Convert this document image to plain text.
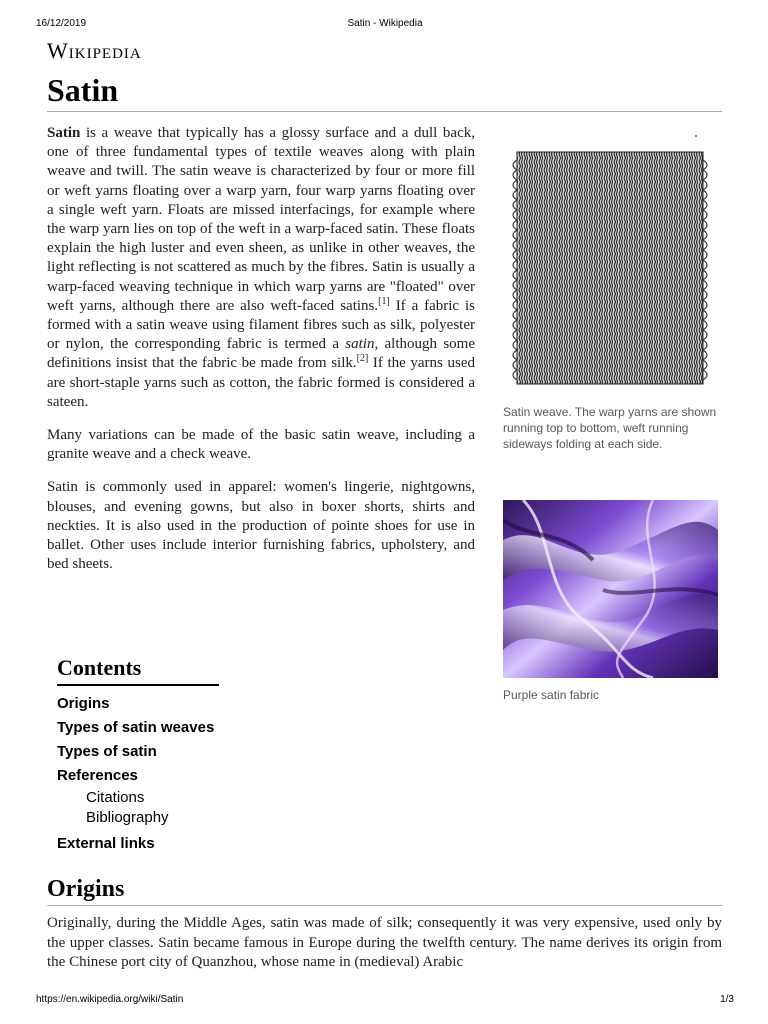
16/12/2019	Satin - Wikipedia
Wikipedia
Satin

Satin is a weave that typically has a glossy surface and a dull back, one of three fundamental types of textile weaves along with plain weave and twill. The satin weave is characterized by four or more fill or weft yarns floating over a warp yarn, four warp yarns floating over a single weft yarn. Floats are missed interfacings, for example where the warp yarn lies on top of the weft in a warp-faced satin. These floats explain the high luster and even sheen, as unlike in other weaves, the light reflecting is not scattered as much by the fibres. Satin is usually a warp-faced weaving technique in which warp yarns are "floated" over weft yarns, although there are also weft-faced satins.[1] If a fabric is formed with a satin weave using filament fibres such as silk, polyester or nylon, the corresponding fabric is termed a satin, although some definitions insist that the fabric be made from silk.[2] If the yarns used are short-staple yarns such as cotton, the fabric formed is considered a sateen.

Many variations can be made of the basic satin weave, including a granite weave and a check weave.

Satin is commonly used in apparel: women's lingerie, nightgowns, blouses, and evening gowns, but also in boxer shorts, shirts and neckties. It is also used in the production of pointe shoes for use in ballet. Other uses include interior furnishing fabrics, upholstery, and bed sheets.

Satin weave. The warp yarns are shown running top to bottom, weft running sideways folding at each side.
Purple satin fabric
Contents
Origins
Types of satin weaves
Types of satin
References
Citations
Bibliography
External links
Origins

Originally, during the Middle Ages, satin was made of silk; consequently it was very expensive, used only by the upper classes. Satin became famous in Europe during the twelfth century. The name derives its origin from the Chinese port city of Quanzhou, whose name in (medieval) Arabic

https://en.wikipedia.org/wiki/Satin	1/3
